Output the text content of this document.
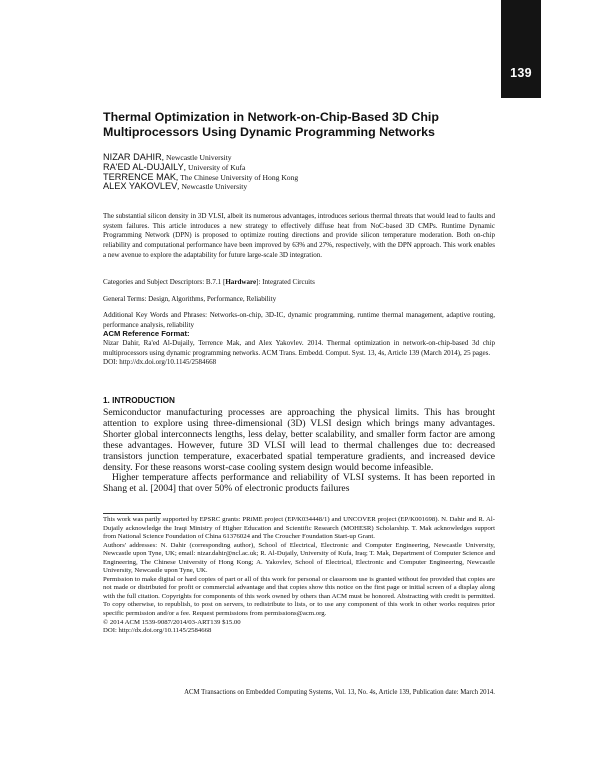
139
Thermal Optimization in Network-on-Chip-Based 3D Chip Multiprocessors Using Dynamic Programming Networks
NIZAR DAHIR, Newcastle University
RA'ED AL-DUJAILY, University of Kufa
TERRENCE MAK, The Chinese University of Hong Kong
ALEX YAKOVLEV, Newcastle University
The substantial silicon density in 3D VLSI, albeit its numerous advantages, introduces serious thermal threats that would lead to faults and system failures. This article introduces a new strategy to effectively diffuse heat from NoC-based 3D CMPs. Runtime Dynamic Programming Network (DPN) is proposed to optimize routing directions and provide silicon temperature moderation. Both on-chip reliability and computational performance have been improved by 63% and 27%, respectively, with the DPN approach. This work enables a new avenue to explore the adaptability for future large-scale 3D integration.
Categories and Subject Descriptors: B.7.1 [Hardware]: Integrated Circuits
General Terms: Design, Algorithms, Performance, Reliability
Additional Key Words and Phrases: Networks-on-chip, 3D-IC, dynamic programming, runtime thermal management, adaptive routing, performance analysis, reliability
ACM Reference Format:
Nizar Dahir, Ra'ed Al-Dujaily, Terrence Mak, and Alex Yakovlev. 2014. Thermal optimization in network-on-chip-based 3d chip multiprocessors using dynamic programming networks. ACM Trans. Embedd. Comput. Syst. 13, 4s, Article 139 (March 2014), 25 pages.
DOI: http://dx.doi.org/10.1145/2584668
1. INTRODUCTION

Semiconductor manufacturing processes are approaching the physical limits. This has brought attention to explore using three-dimensional (3D) VLSI design which brings many advantages. Shorter global interconnects lengths, less delay, better scalability, and smaller form factor are among these advantages. However, future 3D VLSI will lead to thermal challenges due to: decreased transistors junction temperature, exacerbated spatial temperature gradients, and increased device density. For these reasons worst-case cooling system design would become infeasible.

Higher temperature affects performance and reliability of VLSI systems. It has been reported in Shang et al. [2004] that over 50% of electronic products failures

This work was partly supported by EPSRC grants: PRiME project (EP/K034448/1) and UNCOVER project (EP/K001698). N. Dahir and R. Al-Dujaily acknowledge the Iraqi Ministry of Higher Education and Scientific Research (MOHESR) Scholarship. T. Mak acknowledges support from National Science Foundation of China 61376024 and The Croucher Foundation Start-up Grant.

Authors' addresses: N. Dahir (corresponding author), School of Electrical, Electronic and Computer Engineering, Newcastle University, Newcastle upon Tyne, UK; email: nizar.dahir@ncl.ac.uk; R. Al-Dujaily, University of Kufa, Iraq; T. Mak, Department of Computer Science and Engineering, The Chinese University of Hong Kong; A. Yakovlev, School of Electrical, Electronic and Computer Engineering, Newcastle University, Newcastle upon Tyne, UK.

Permission to make digital or hard copies of part or all of this work for personal or classroom use is granted without fee provided that copies are not made or distributed for profit or commercial advantage and that copies show this notice on the first page or initial screen of a display along with the full citation. Copyrights for components of this work owned by others than ACM must be honored. Abstracting with credit is permitted. To copy otherwise, to republish, to post on servers, to redistribute to lists, or to use any component of this work in other works requires prior specific permission and/or a fee. Request permissions from permissions@acm.org.

© 2014 ACM 1539-9087/2014/03-ART139 $15.00

DOI: http://dx.doi.org/10.1145/2584668

ACM Transactions on Embedded Computing Systems, Vol. 13, No. 4s, Article 139, Publication date: March 2014.
